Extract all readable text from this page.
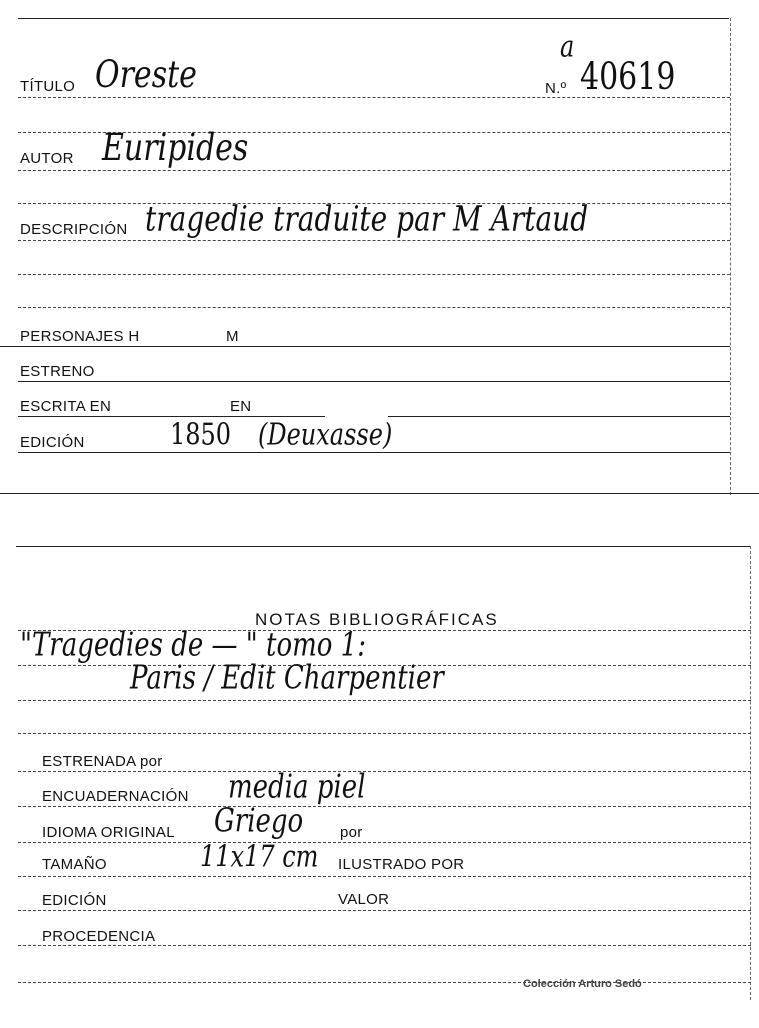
TÍTULO Oreste
a
N.º 40619
AUTOR Euripides
DESCRIPCIÓN tragedie traduite par M Artaud
PERSONAJES H	M
ESTRENO
ESCRITA EN	EN
EDICIÓN	1850 (Deuxasse)
NOTAS BIBLIOGRÁFICAS
"Tragedies de — " tomo 1:
Paris / Edit Charpentier
ESTRENADA por
ENCUADERNACIÓN media piel
IDIOMA ORIGINAL Griego por
TAMAÑO	11x17 cm ILUSTRADO POR
EDICIÓN	VALOR
PROCEDENCIA
Colección Arturo Sedó
